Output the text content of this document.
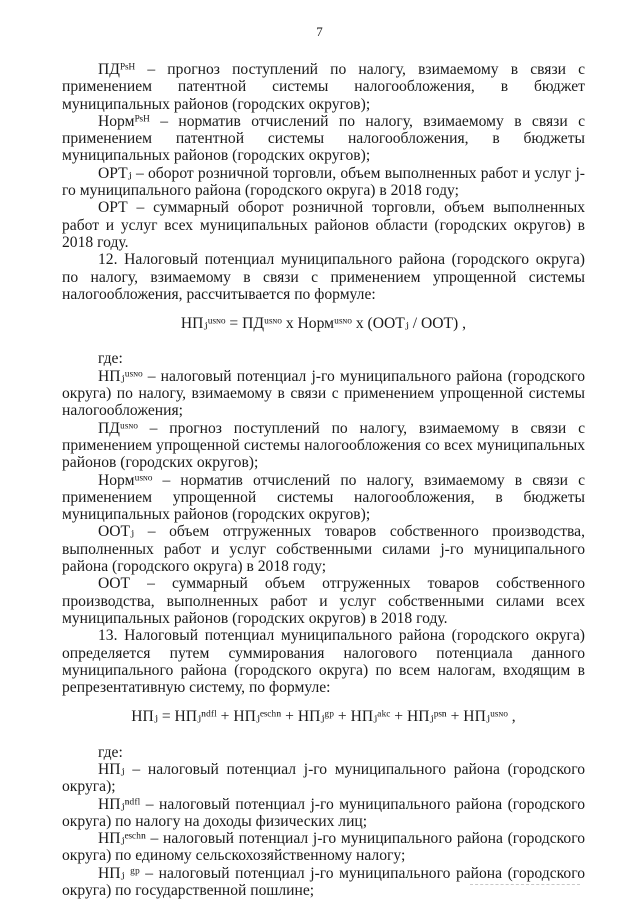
7

ПДᴾˢᴴ – прогноз поступлений по налогу, взимаемому в связи с применением патентной системы налогообложения, в бюджет муниципальных районов (городских округов);

Нормᴾˢᴴ – норматив отчислений по налогу, взимаемому в связи с применением патентной системы налогообложения, в бюджеты муниципальных районов (городских округов);

ОРТⱼ – оборот розничной торговли, объем выполненных работ и услуг j-го муниципального района (городского округа) в 2018 году;

ОРТ – суммарный оборот розничной торговли, объем выполненных работ и услуг всех муниципальных районов области (городских округов) в 2018 году.

12. Налоговый потенциал муниципального района (городского округа) по налогу, взимаемому в связи с применением упрощенной системы налогообложения, рассчитывается по формуле:

НПⱼᵘˢᶰᵒ = ПДᵘˢᶰᵒ х Нормᵘˢᶰᵒ х (ООТⱼ / ООТ) ,

где:

НПⱼᵘˢᶰᵒ – налоговый потенциал j-го муниципального района (городского округа) по налогу, взимаемому в связи с применением упрощенной системы налогообложения;

ПДᵘˢᶰᵒ – прогноз поступлений по налогу, взимаемому в связи с применением упрощенной системы налогообложения со всех муниципальных районов (городских округов);

Нормᵘˢᶰᵒ – норматив отчислений по налогу, взимаемому в связи с применением упрощенной системы налогообложения, в бюджеты муниципальных районов (городских округов);

ООТⱼ – объем отгруженных товаров собственного производства, выполненных работ и услуг собственными силами j-го муниципального района (городского округа) в 2018 году;

ООТ – суммарный объем отгруженных товаров собственного производства, выполненных работ и услуг собственными силами всех муниципальных районов (городских округов) в 2018 году.

13. Налоговый потенциал муниципального района (городского округа) определяется путем суммирования налогового потенциала данного муниципального района (городского округа) по всем налогам, входящим в репрезентативную систему, по формуле:

НПⱼ = НПⱼⁿᵈᶠˡ + НПⱼᵉˢᶜʰⁿ + НПⱼᵍᵖ + НПⱼᵃᵏᶜ + НПⱼᵖˢⁿ + НПⱼᵘˢᶰᵒ ,

где:

НПⱼ – налоговый потенциал j-го муниципального района (городского округа);

НПⱼⁿᵈᶠˡ – налоговый потенциал j-го муниципального района (городского округа) по налогу на доходы физических лиц;

НПⱼᵉˢᶜʰⁿ – налоговый потенциал j-го муниципального района (городского округа) по единому сельскохозяйственному налогу;

НПⱼ ᵍᵖ – налоговый потенциал j-го муниципального района (городского округа) по государственной пошлине;
